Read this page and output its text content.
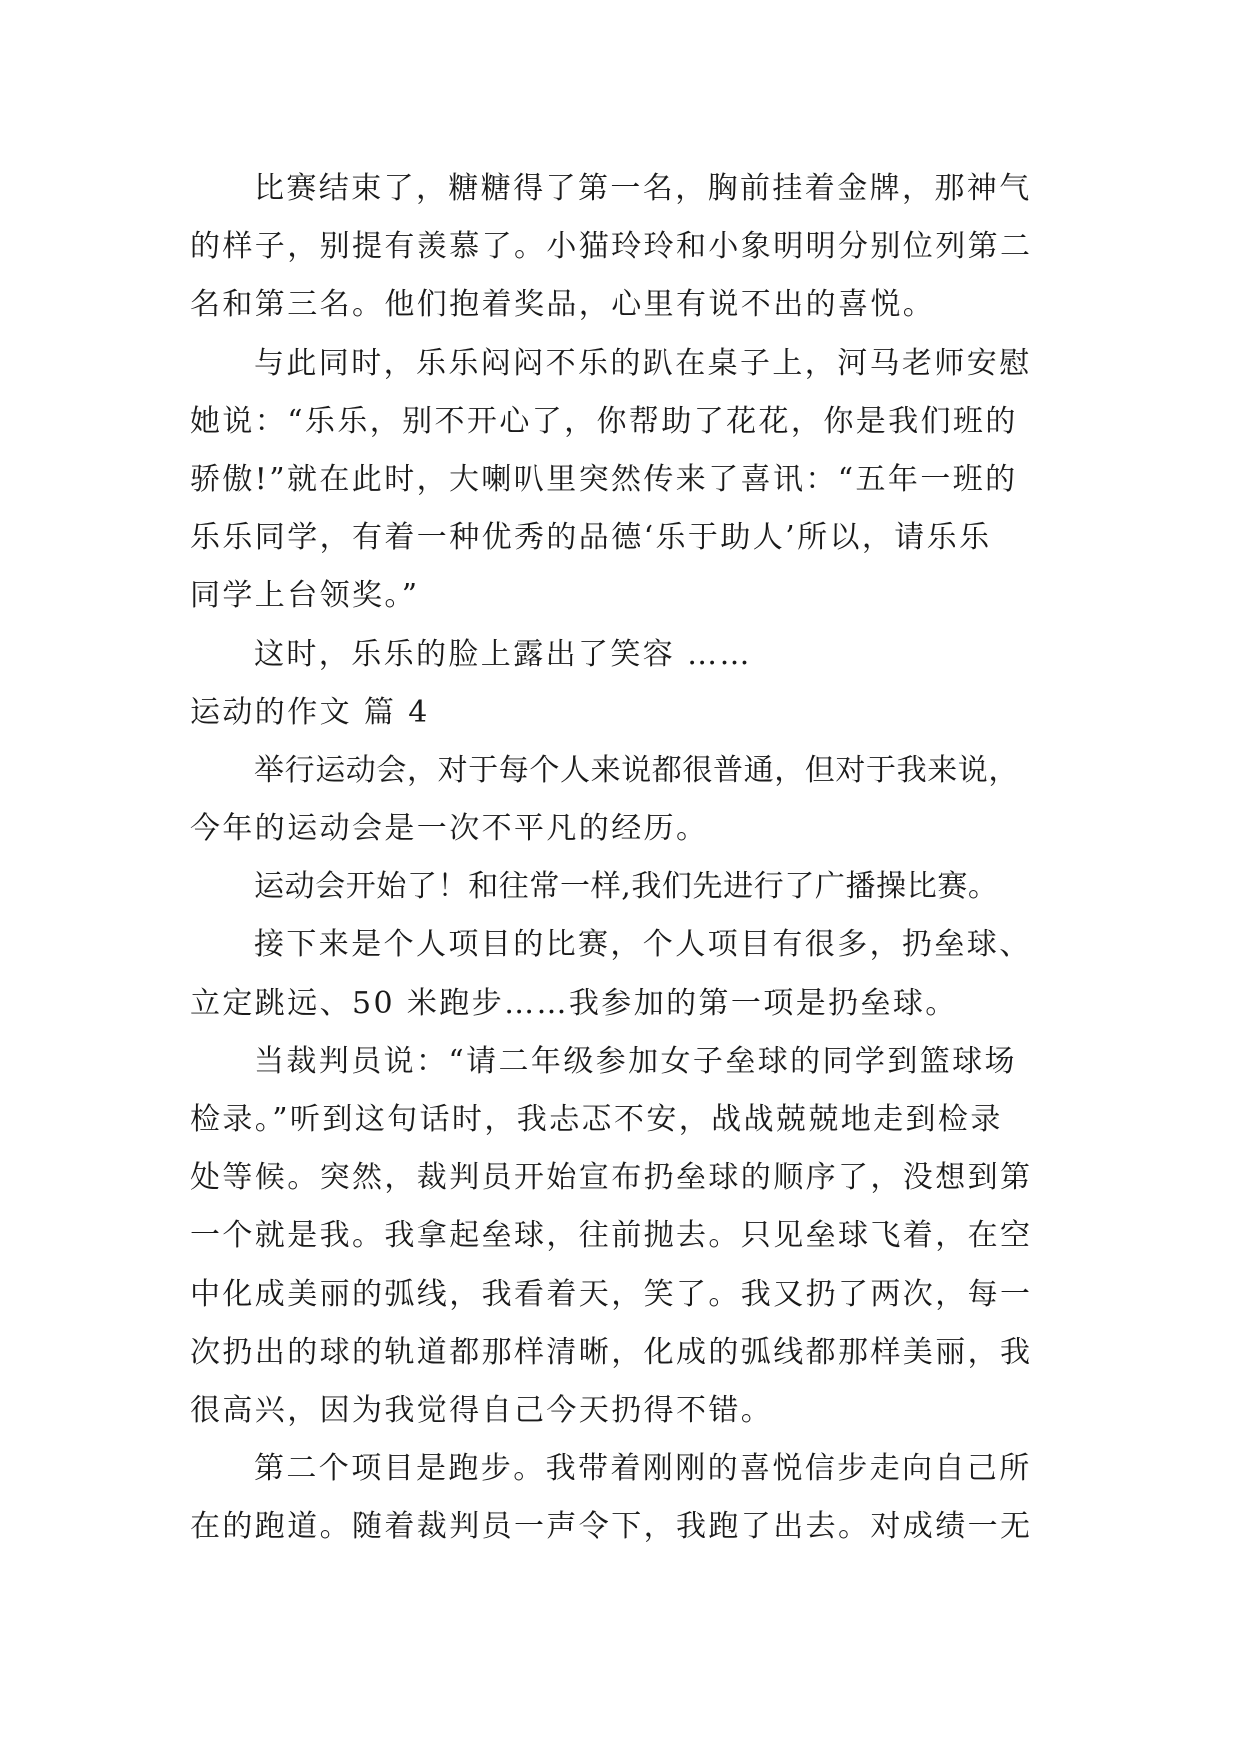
比赛结束了，糖糖得了第一名，胸前挂着金牌，那神气
的样子，别提有羡慕了。小猫玲玲和小象明明分别位列第二
名和第三名。他们抱着奖品，心里有说不出的喜悦。
与此同时，乐乐闷闷不乐的趴在桌子上，河马老师安慰
她说：“乐乐，别不开心了，你帮助了花花，你是我们班的
骄傲!”就在此时，大喇叭里突然传来了喜讯：“五年一班的
乐乐同学，有着一种优秀的品德‘乐于助人’所以，请乐乐
同学上台领奖。”
这时，乐乐的脸上露出了笑容 ……
运动的作文 篇 4
举行运动会，对于每个人来说都很普通，但对于我来说，
今年的运动会是一次不平凡的经历。
运动会开始了！和往常一样,我们先进行了广播操比赛。
接下来是个人项目的比赛，个人项目有很多，扔垒球、
立定跳远、50 米跑步……我参加的第一项是扔垒球。
当裁判员说：“请二年级参加女子垒球的同学到篮球场
检录。”听到这句话时，我忐忑不安，战战兢兢地走到检录
处等候。突然，裁判员开始宣布扔垒球的顺序了，没想到第
一个就是我。我拿起垒球，往前抛去。只见垒球飞着，在空
中化成美丽的弧线，我看着天，笑了。我又扔了两次，每一
次扔出的球的轨道都那样清晰，化成的弧线都那样美丽，我
很高兴，因为我觉得自己今天扔得不错。
第二个项目是跑步。我带着刚刚的喜悦信步走向自己所
在的跑道。随着裁判员一声令下，我跑了出去。对成绩一无
